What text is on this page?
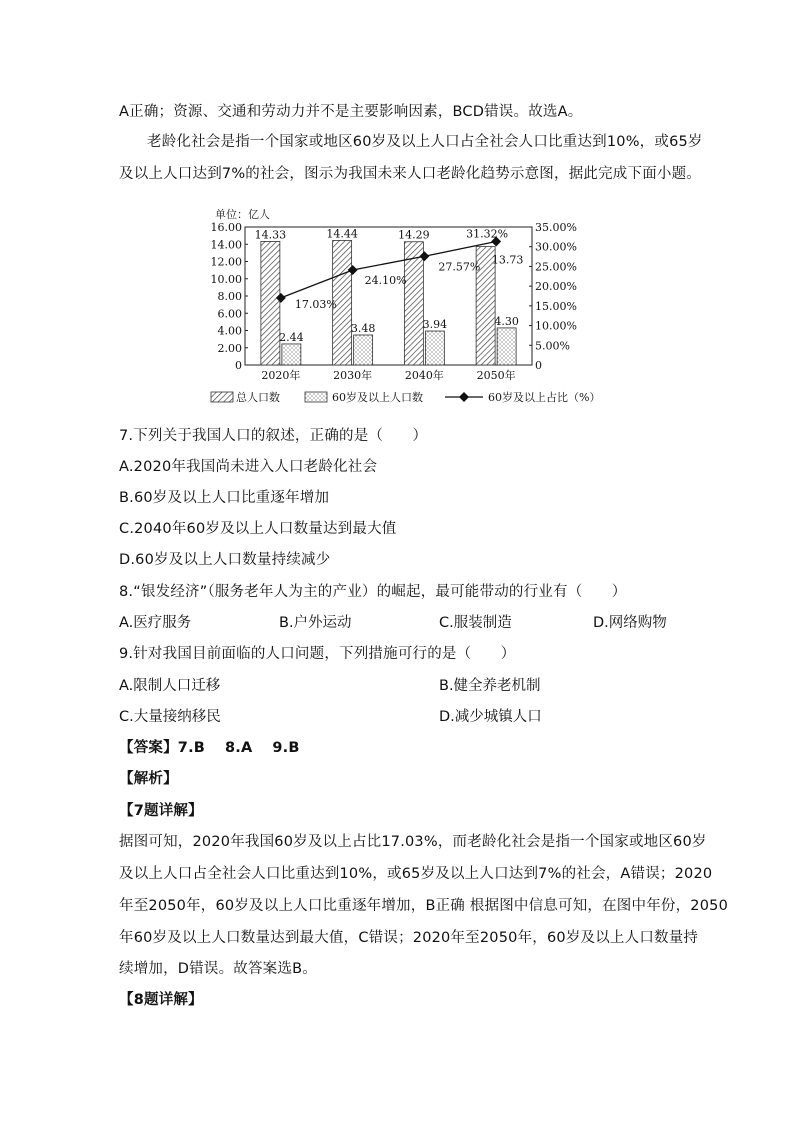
A正确；资源、交通和劳动力并不是主要影响因素，BCD错误。故选A。
老龄化社会是指一个国家或地区60岁及以上人口占全社会人口比重达到10%，或65岁
及以上人口达到7%的社会，图示为我国未来人口老龄化趋势示意图，据此完成下面小题。
单位：亿人
0
2.00
4.00
6.00
8.00
10.00
12.00
14.00
16.00
0
5.00%
10.00%
15.00%
20.00%
25.00%
30.00%
35.00%
14.33
2.44
14.44
3.48
14.29
3.94
13.73
4.30
17.03%
24.10%
27.57%
31.32%
2020年	2030年	2040年	2050年
总人口数	60岁及以上人口数	60岁及以上占比（%）
7.下列关于我国人口的叙述，正确的是（　　）
A.2020年我国尚未进入人口老龄化社会
B.60岁及以上人口比重逐年增加
C.2040年60岁及以上人口数量达到最大值
D.60岁及以上人口数量持续减少
8.“银发经济”（服务老年人为主的产业）的崛起，最可能带动的行业有（　　）
A.医疗服务	B.户外运动	C.服装制造	D.网络购物
9.针对我国目前面临的人口问题，下列措施可行的是（　　）
A.限制人口迁移	B.健全养老机制
C.大量接纳移民	D.减少城镇人口
【答案】7.B　 8.A　 9.B
【解析】
【7题详解】
据图可知，2020年我国60岁及以上占比17.03%，而老龄化社会是指一个国家或地区60岁
及以上人口占全社会人口比重达到10%，或65岁及以上人口达到7%的社会，A错误；2020
年至2050年，60岁及以上人口比重逐年增加，B正确 根据图中信息可知，在图中年份，2050
年60岁及以上人口数量达到最大值，C错误；2020年至2050年，60岁及以上人口数量持
续增加，D错误。故答案选B。
【8题详解】
